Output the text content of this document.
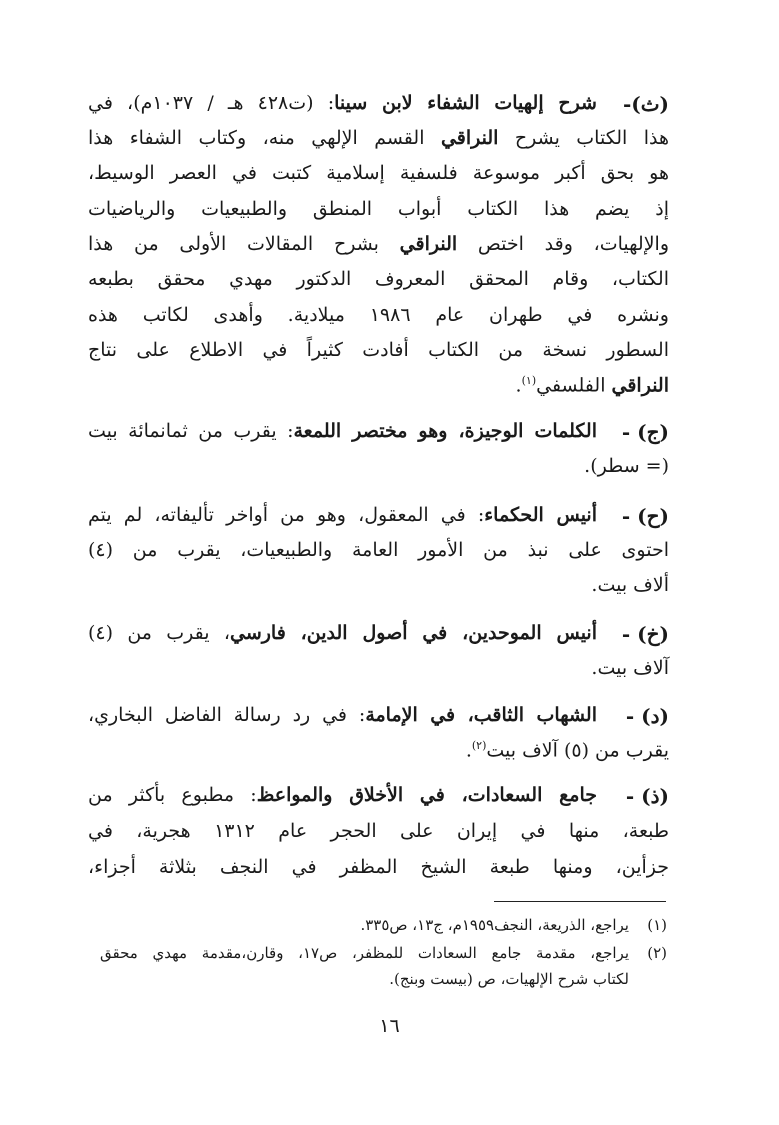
(ث)-
شرح إلهيات الشفاء لابن سينا: (ت٤٢٨ هـ / ١٠٣٧م)، في
هذا الكتاب يشرح النراقي القسم الإلهي منه، وكتاب الشفاء هذا
هو بحق أكبر موسوعة فلسفية إسلامية كتبت في العصر الوسيط،
إذ يضم هذا الكتاب أبواب المنطق والطبيعيات والرياضيات
والإلهيات، وقد اختص النراقي بشرح المقالات الأولى من هذا
الكتاب، وقام المحقق المعروف الدكتور مهدي محقق بطبعه
ونشره في طهران عام ١٩٨٦ ميلادية. وأهدى لكاتب هذه
السطور نسخة من الكتاب أفادت كثيراً في الاطلاع على نتاج
النراقي الفلسفي$^{(١)}$.
(ج) -
الكلمات الوجيزة، وهو مختصر اللمعة: يقرب من ثمانمائة بيت
(= سطر).
(ح) -
أنيس الحكماء: في المعقول، وهو من أواخر تأليفاته، لم يتم
احتوى على نبذ من الأمور العامة والطبيعيات، يقرب من (٤)
ألاف بيت.
(خ) -
أنيس الموحدين، في أصول الدين، فارسي، يقرب من (٤)
آلاف بيت.
(د) -
الشهاب الثاقب، في الإمامة: في رد رسالة الفاضل البخاري،
يقرب من (٥) آلاف بيت$^{(٢)}$.
(ذ) -
جامع السعادات، في الأخلاق والمواعظ: مطبوع بأكثر من
طبعة، منها في إيران على الحجر عام ١٣١٢ هجرية، في
جزأين، ومنها طبعة الشيخ المظفر في النجف بثلاثة أجزاء،
(١)
يراجع، الذريعة، النجف١٩٥٩م، ج١٣، ص٣٣٥.
(٢)
يراجع، مقدمة جامع السعادات للمظفر، ص١٧، وقارن،مقدمة مهدي محقق
لكتاب شرح الإلهيات، ص (بيست وبنج).
١٦
